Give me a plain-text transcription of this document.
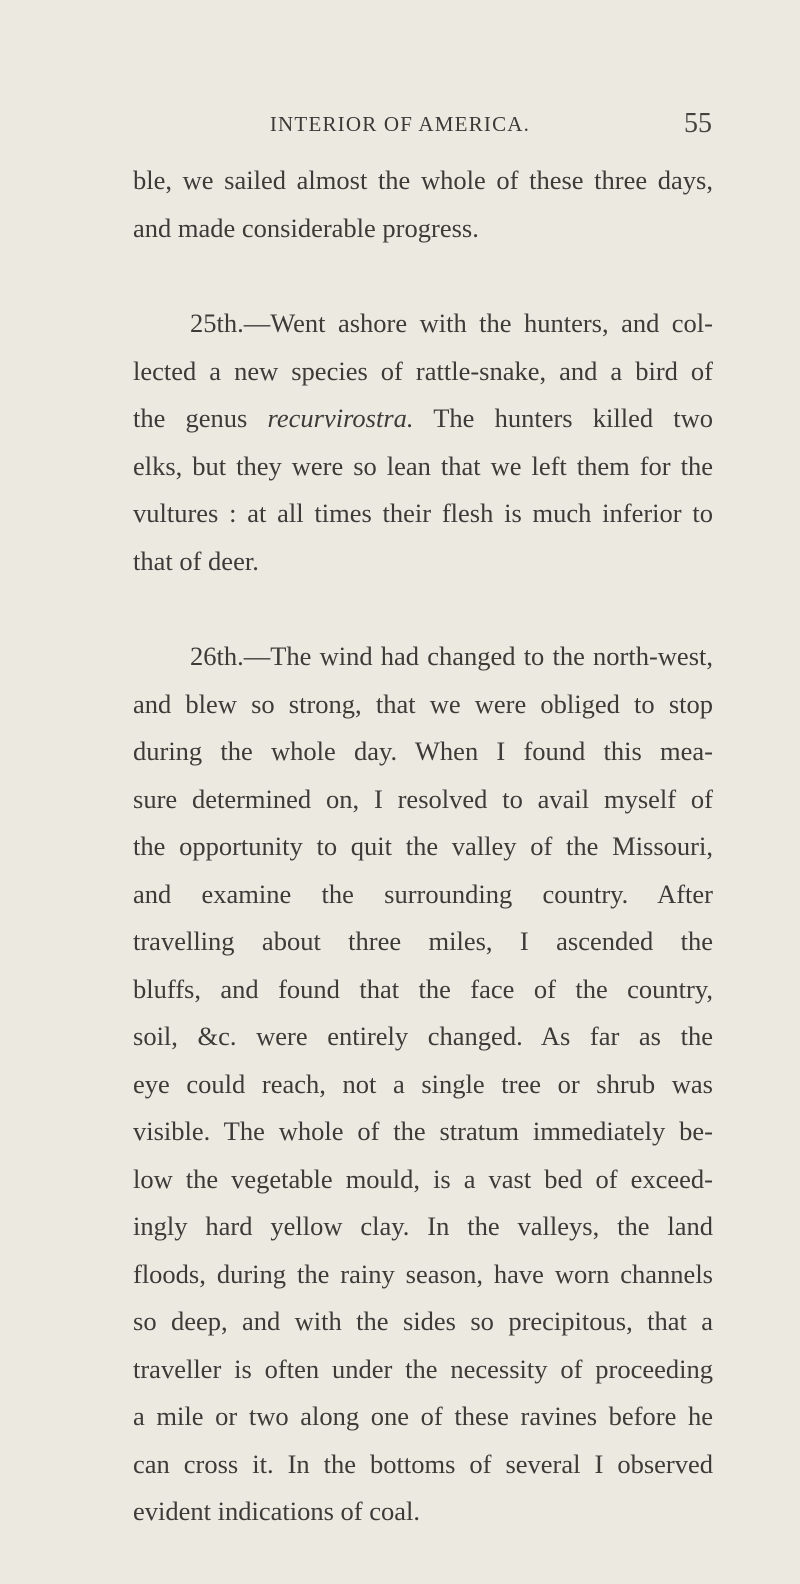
INTERIOR OF AMERICA.	55
ble, we sailed almost the whole of these three days,
and made considerable progress.
25th.—Went ashore with the hunters, and col-
lected a new species of rattle-snake, and a bird of
the genus recurvirostra. The hunters killed two
elks, but they were so lean that we left them for the
vultures : at all times their flesh is much inferior to
that of deer.
26th.—The wind had changed to the north-west,
and blew so strong, that we were obliged to stop
during the whole day. When I found this mea-
sure determined on, I resolved to avail myself of
the opportunity to quit the valley of the Missouri,
and examine the surrounding country. After
travelling about three miles, I ascended the
bluffs, and found that the face of the country,
soil, &c. were entirely changed. As far as the
eye could reach, not a single tree or shrub was
visible. The whole of the stratum immediately be-
low the vegetable mould, is a vast bed of exceed-
ingly hard yellow clay. In the valleys, the land
floods, during the rainy season, have worn channels
so deep, and with the sides so precipitous, that a
traveller is often under the necessity of proceeding
a mile or two along one of these ravines before he
can cross it. In the bottoms of several I observed
evident indications of coal.
